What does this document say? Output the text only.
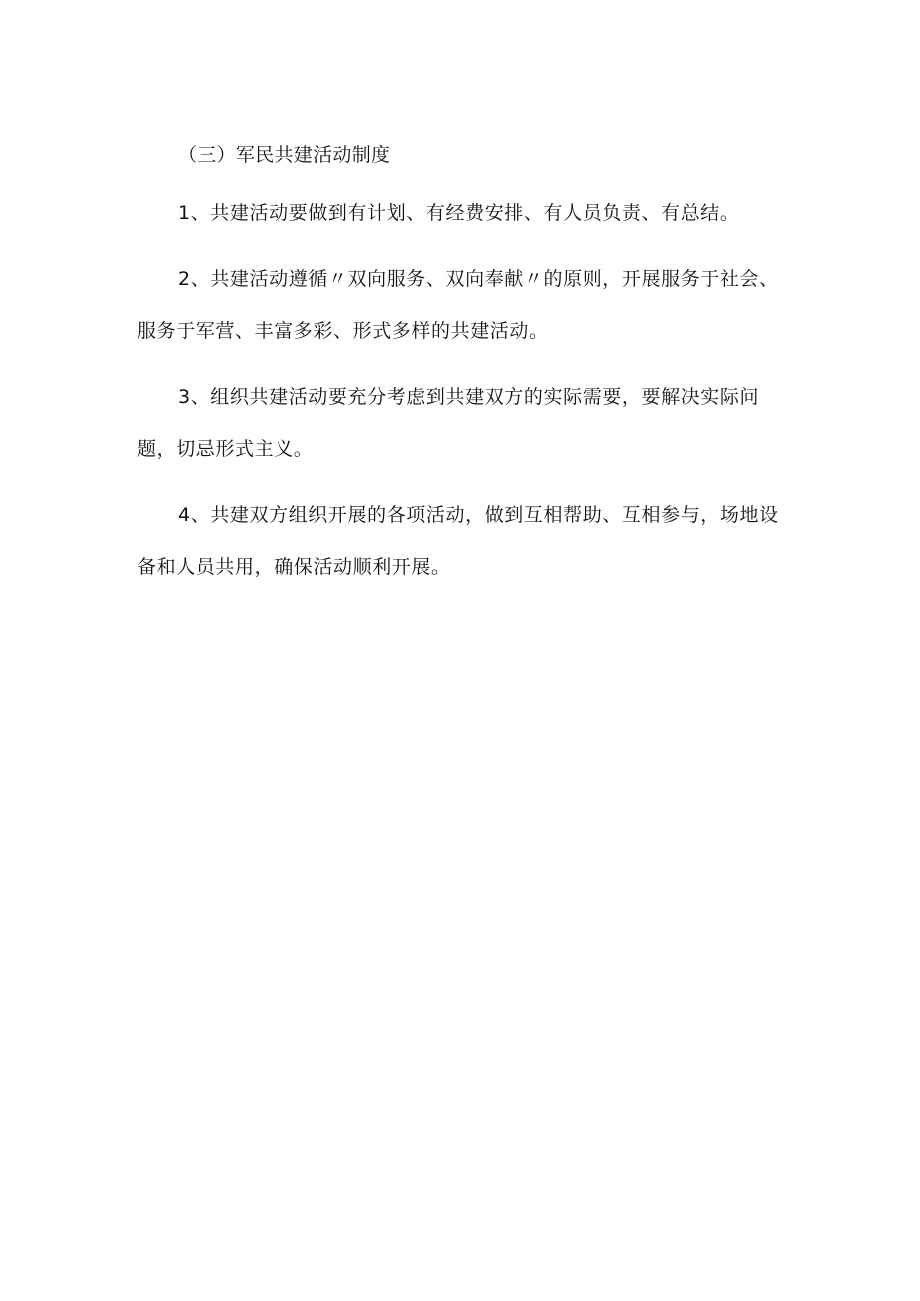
（三）军民共建活动制度

1、共建活动要做到有计划、有经费安排、有人员负责、有总结。

2、共建活动遵循〃双向服务、双向奉献〃的原则，开展服务于社会、服务于军营、丰富多彩、形式多样的共建活动。

3、组织共建活动要充分考虑到共建双方的实际需要，要解决实际问题，切忌形式主义。

4、共建双方组织开展的各项活动，做到互相帮助、互相参与，场地设备和人员共用，确保活动顺利开展。
